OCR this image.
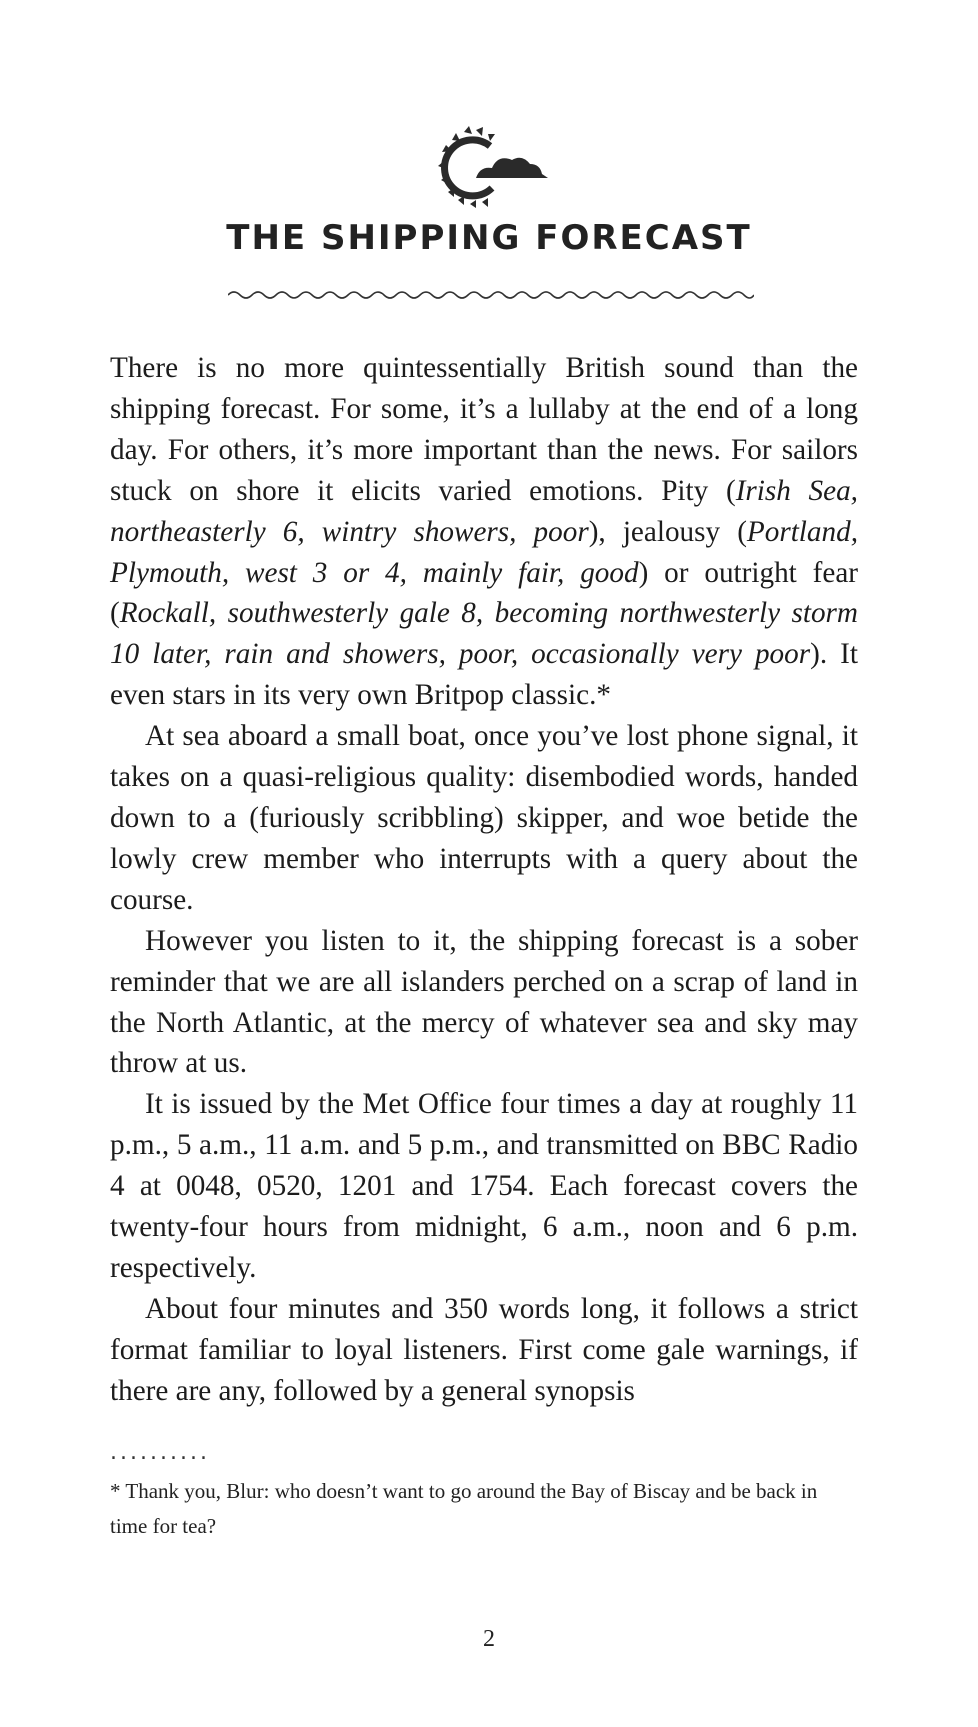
THE SHIPPING FORECAST

There is no more quintessentially British sound than the shipping forecast. For some, it’s a lullaby at the end of a long day. For others, it’s more important than the news. For sailors stuck on shore it elicits varied emotions. Pity (Irish Sea, northeasterly 6, wintry showers, poor), jealousy (Portland, Plymouth, west 3 or 4, mainly fair, good) or outright fear (Rockall, southwesterly gale 8, becoming northwesterly storm 10 later, rain and showers, poor, occasionally very poor). It even stars in its very own Britpop classic.*

At sea aboard a small boat, once you’ve lost phone signal, it takes on a quasi-religious quality: disembodied words, handed down to a (furiously scribbling) skipper, and woe betide the lowly crew member who interrupts with a query about the course.

However you listen to it, the shipping forecast is a sober reminder that we are all islanders perched on a scrap of land in the North Atlantic, at the mercy of whatever sea and sky may throw at us.

It is issued by the Met Office four times a day at roughly 11 p.m., 5 a.m., 11 a.m. and 5 p.m., and transmitted on BBC Radio 4 at 0048, 0520, 1201 and 1754. Each forecast covers the twenty-four hours from midnight, 6 a.m., noon and 6 p.m. respectively.

About four minutes and 350 words long, it follows a strict format familiar to loyal listeners. First come gale warnings, if there are any, followed by a general synopsis

..........
* Thank you, Blur: who doesn’t want to go around the Bay of Biscay and be back in time for tea?
2
